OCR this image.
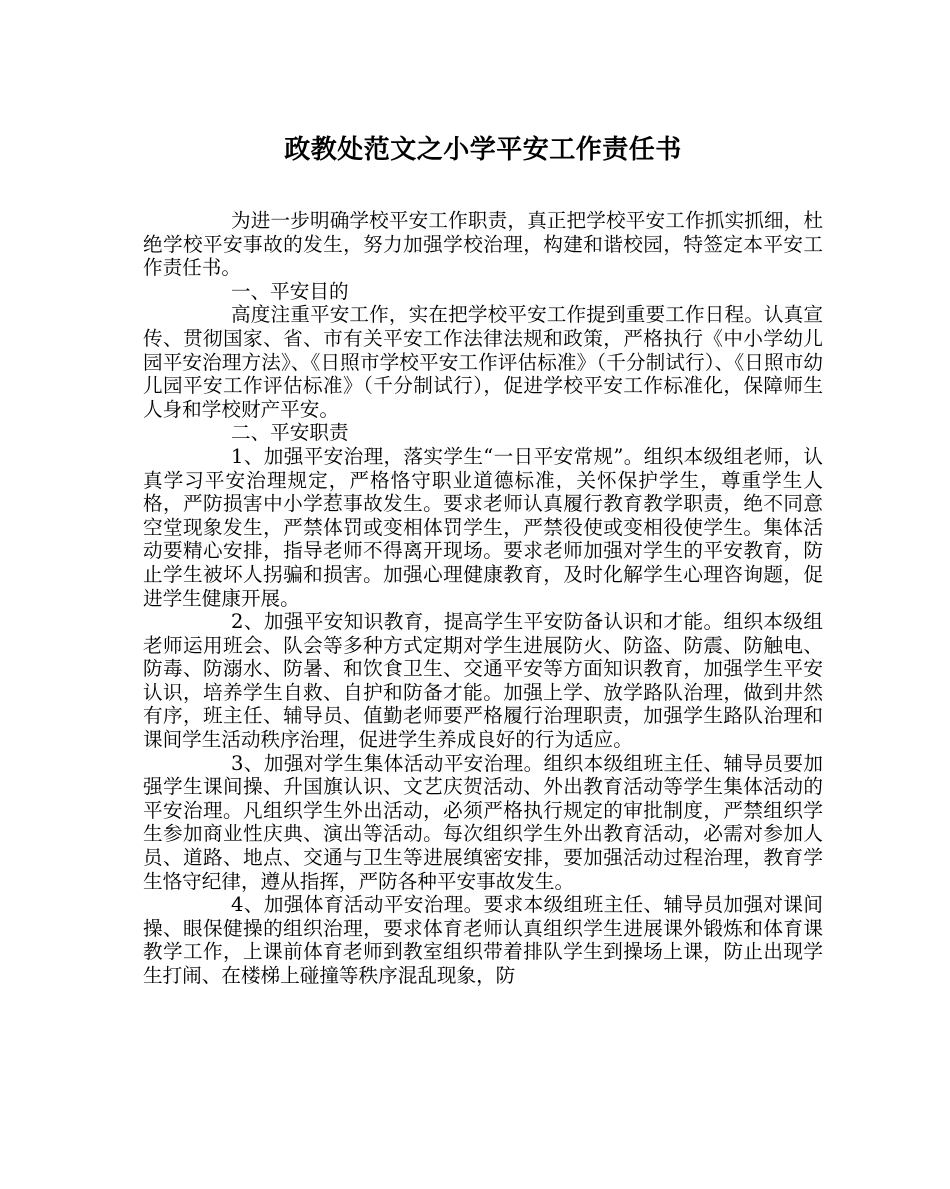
政教处范文之小学平安工作责任书

为进一步明确学校平安工作职责，真正把学校平安工作抓实抓细，杜绝学校平安事故的发生，努力加强学校治理，构建和谐校园，特签定本平安工作责任书。

一、平安目的

高度注重平安工作，实在把学校平安工作提到重要工作日程。认真宣传、贯彻国家、省、市有关平安工作法律法规和政策，严格执行《中小学幼儿园平安治理方法》、《日照市学校平安工作评估标准》（千分制试行）、《日照市幼儿园平安工作评估标准》（千分制试行），促进学校平安工作标准化，保障师生人身和学校财产平安。

二、平安职责

1、加强平安治理，落实学生“一日平安常规”。组织本级组老师，认真学习平安治理规定，严格恪守职业道德标准，关怀保护学生，尊重学生人格，严防损害中小学惹事故发生。要求老师认真履行教育教学职责，绝不同意空堂现象发生，严禁体罚或变相体罚学生，严禁役使或变相役使学生。集体活动要精心安排，指导老师不得离开现场。要求老师加强对学生的平安教育，防止学生被坏人拐骗和损害。加强心理健康教育，及时化解学生心理咨询题，促进学生健康开展。

2、加强平安知识教育，提高学生平安防备认识和才能。组织本级组老师运用班会、队会等多种方式定期对学生进展防火、防盗、防震、防触电、防毒、防溺水、防暑、和饮食卫生、交通平安等方面知识教育，加强学生平安认识，培养学生自救、自护和防备才能。加强上学、放学路队治理，做到井然有序，班主任、辅导员、值勤老师要严格履行治理职责，加强学生路队治理和课间学生活动秩序治理，促进学生养成良好的行为适应。

3、加强对学生集体活动平安治理。组织本级组班主任、辅导员要加强学生课间操、升国旗认识、文艺庆贺活动、外出教育活动等学生集体活动的平安治理。凡组织学生外出活动，必须严格执行规定的审批制度，严禁组织学生参加商业性庆典、演出等活动。每次组织学生外出教育活动，必需对参加人员、道路、地点、交通与卫生等进展缜密安排，要加强活动过程治理，教育学生恪守纪律，遵从指挥，严防各种平安事故发生。

4、加强体育活动平安治理。要求本级组班主任、辅导员加强对课间操、眼保健操的组织治理，要求体育老师认真组织学生进展课外锻炼和体育课教学工作，上课前体育老师到教室组织带着排队学生到操场上课，防止出现学生打闹、在楼梯上碰撞等秩序混乱现象，防
